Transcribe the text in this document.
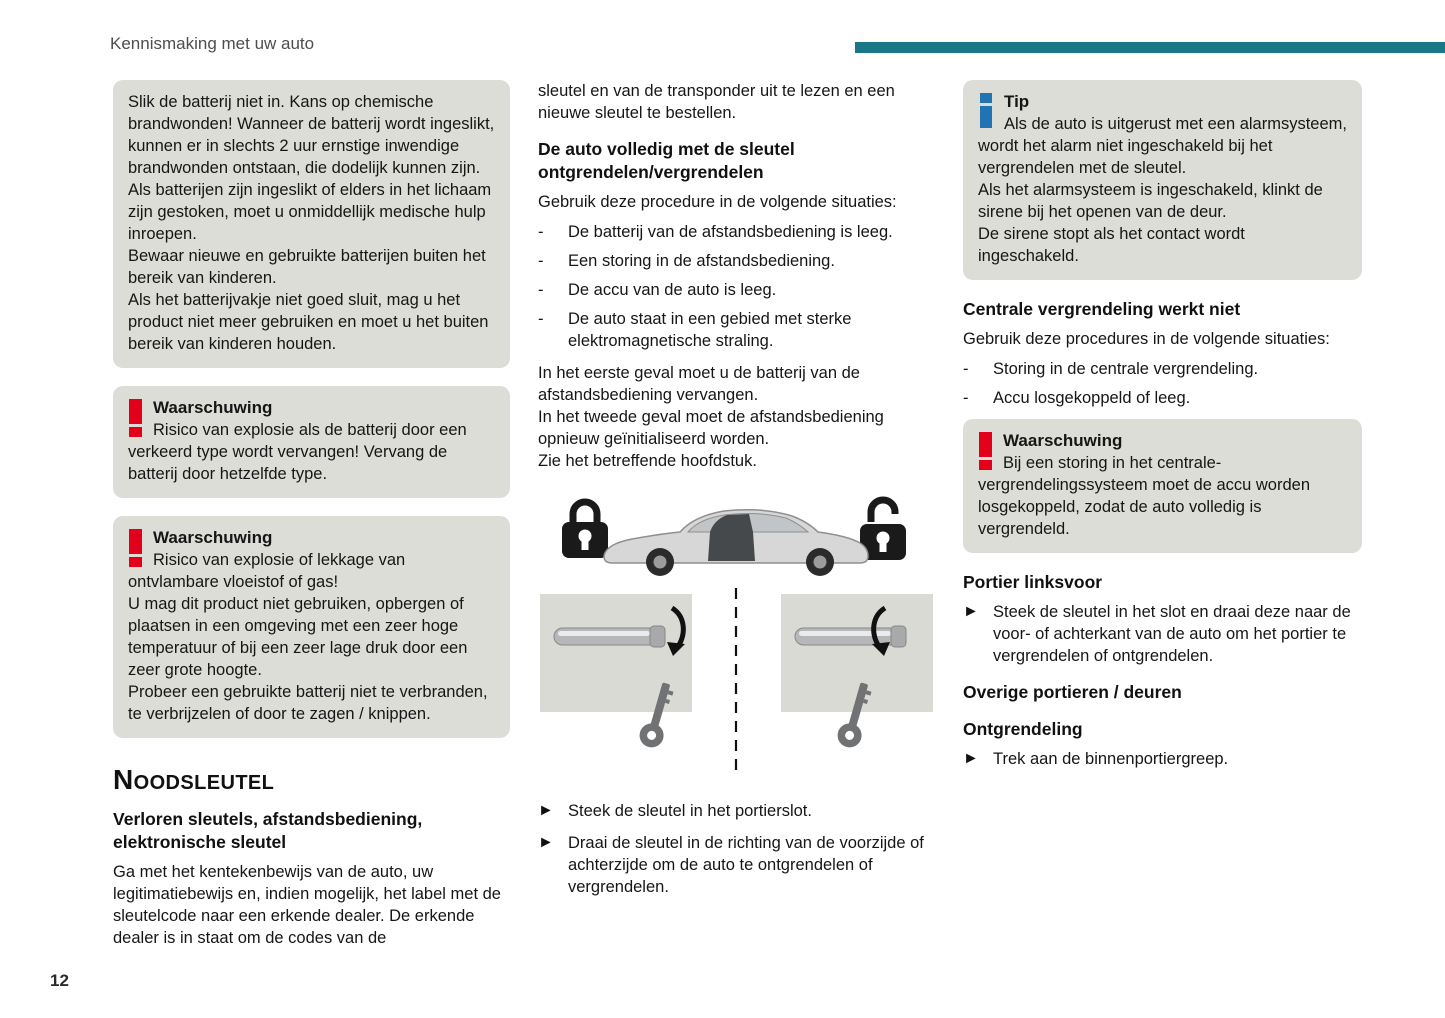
Kennismaking met uw auto

Slik de batterij niet in. Kans op chemische brandwonden! Wanneer de batterij wordt ingeslikt, kunnen er in slechts 2 uur ernstige inwendige brandwonden ontstaan, die dodelijk kunnen zijn.

Als batterijen zijn ingeslikt of elders in het lichaam zijn gestoken, moet u onmiddellijk medische hulp inroepen.

Bewaar nieuwe en gebruikte batterijen buiten het bereik van kinderen.

Als het batterijvakje niet goed sluit, mag u het product niet meer gebruiken en moet u het buiten bereik van kinderen houden.

Waarschuwing

Risico van explosie als de batterij door een verkeerd type wordt vervangen! Vervang de batterij door hetzelfde type.

Waarschuwing

Risico van explosie of lekkage van ontvlambare vloeistof of gas!

U mag dit product niet gebruiken, opbergen of plaatsen in een omgeving met een zeer hoge temperatuur of bij een zeer lage druk door een zeer grote hoogte.

Probeer een gebruikte batterij niet te verbranden, te verbrijzelen of door te zagen / knippen.

Noodsleutel
Verloren sleutels, afstandsbediening, elektronische sleutel

Ga met het kentekenbewijs van de auto, uw legitimatiebewijs en, indien mogelijk, het label met de sleutelcode naar een erkende dealer. De erkende dealer is in staat om de codes van de

sleutel en van de transponder uit te lezen en een nieuwe sleutel te bestellen.

De auto volledig met de sleutel ontgrendelen/vergrendelen

Gebruik deze procedure in de volgende situaties:

-	De batterij van de afstandsbediening is leeg.
-	Een storing in de afstandsbediening.
-	De accu van de auto is leeg.
-	De auto staat in een gebied met sterke elektromagnetische straling.

In het eerste geval moet u de batterij van de afstandsbediening vervangen.

In het tweede geval moet de afstandsbediening opnieuw geïnitialiseerd worden.

Zie het betreffende hoofdstuk.

► Steek de sleutel in het portierslot.
► Draai de sleutel in de richting van de voorzijde of achterzijde om de auto te ontgrendelen of vergrendelen.
Tip

Als de auto is uitgerust met een alarmsysteem, wordt het alarm niet ingeschakeld bij het vergrendelen met de sleutel.

Als het alarmsysteem is ingeschakeld, klinkt de sirene bij het openen van de deur.

De sirene stopt als het contact wordt ingeschakeld.

Centrale vergrendeling werkt niet

Gebruik deze procedures in de volgende situaties:

-	Storing in de centrale vergrendeling.
-	Accu losgekoppeld of leeg.
Waarschuwing

Bij een storing in het centrale-vergrendelingssysteem moet de accu worden losgekoppeld, zodat de auto volledig is vergrendeld.

Portier linksvoor
► Steek de sleutel in het slot en draai deze naar de voor- of achterkant van de auto om het portier te vergrendelen of ontgrendelen.
Overige portieren / deuren
Ontgrendeling
► Trek aan de binnenportiergreep.
12
